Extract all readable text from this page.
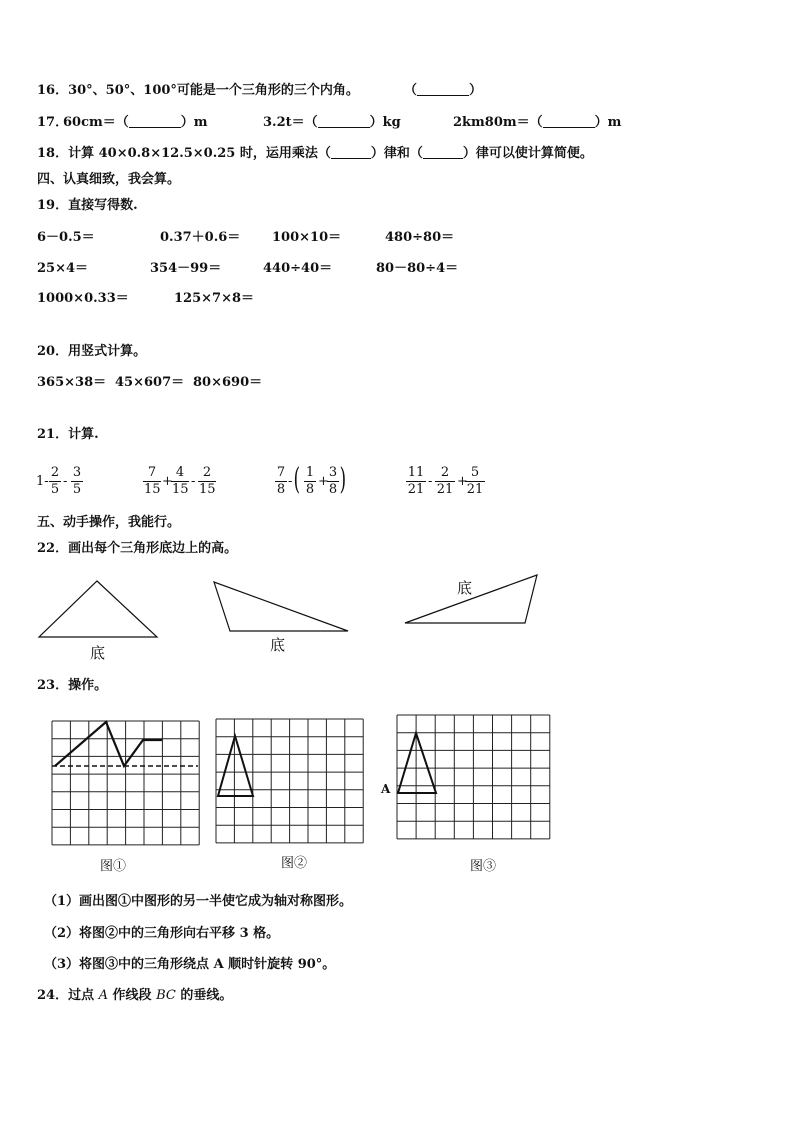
16．30°、50°、100°可能是一个三角形的三个内角。	（	）
17．
60cm＝（	）m	3.2t＝（	）kg	2km80m＝（	）m
18．计算 40×0.8×12.5×0.25 时，运用乘法（	）律和（	）律可以使计算简便。
四、认真细致，我会算。
19．直接写得数.
6－0.5＝	0.37＋0.6＝ 100×10＝	480÷80＝
25×4＝	354－99＝	440÷40＝	80－80÷4＝
1000×0.33＝	125×7×8＝
20．用竖式计算。
365×38＝ 45×607＝ 80×690＝
21．计算.
1-
2
5
-
3
5
7
15
+
4
15
-
2
15
7
8
- ( 1
8
+
3
8 )	11
21
-
2
21
+
5
21
五、动手操作，我能行。
22．画出每个三角形底边上的高。
底	底
底
23．操作。
图①	图②	图③
A
（1）画出图①中图形的另一半使它成为轴对称图形。
（2）将图②中的三角形向右平移 3 格。
（3）将图③中的三角形绕点 A 顺时针旋转 90°。
24．过点 A 作线段 BC 的垂线。
